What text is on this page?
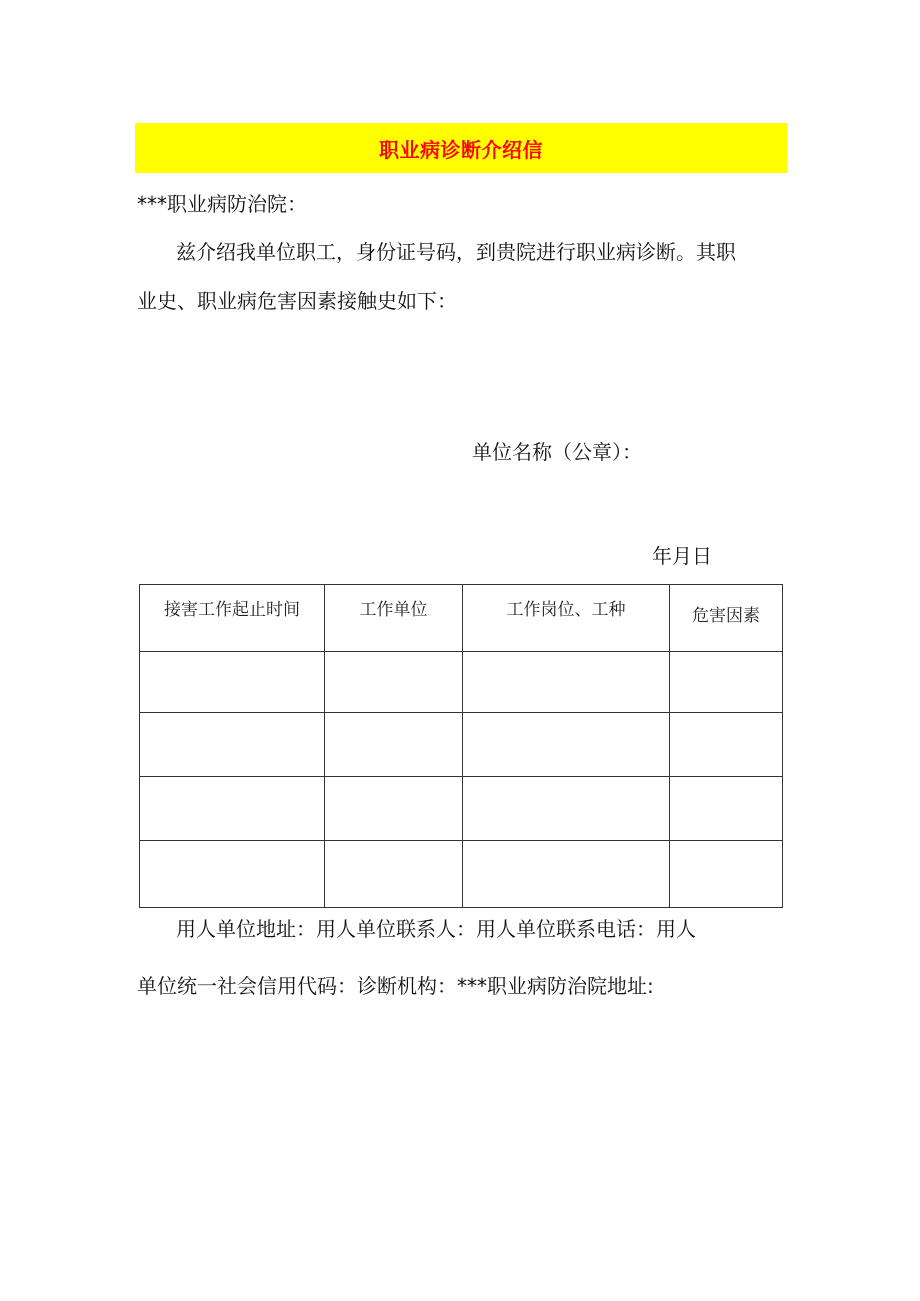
职业病诊断介绍信
***职业病防治院：
兹介绍我单位职工，身份证号码，到贵院进行职业病诊断。其职
业史、职业病危害因素接触史如下：
单位名称（公章）：
年月日
接害工作起止时间	工作单位	工作岗位、工种	危害因素

用人单位地址：用人单位联系人：用人单位联系电话：用人
单位统一社会信用代码：诊断机构：***职业病防治院地址:
